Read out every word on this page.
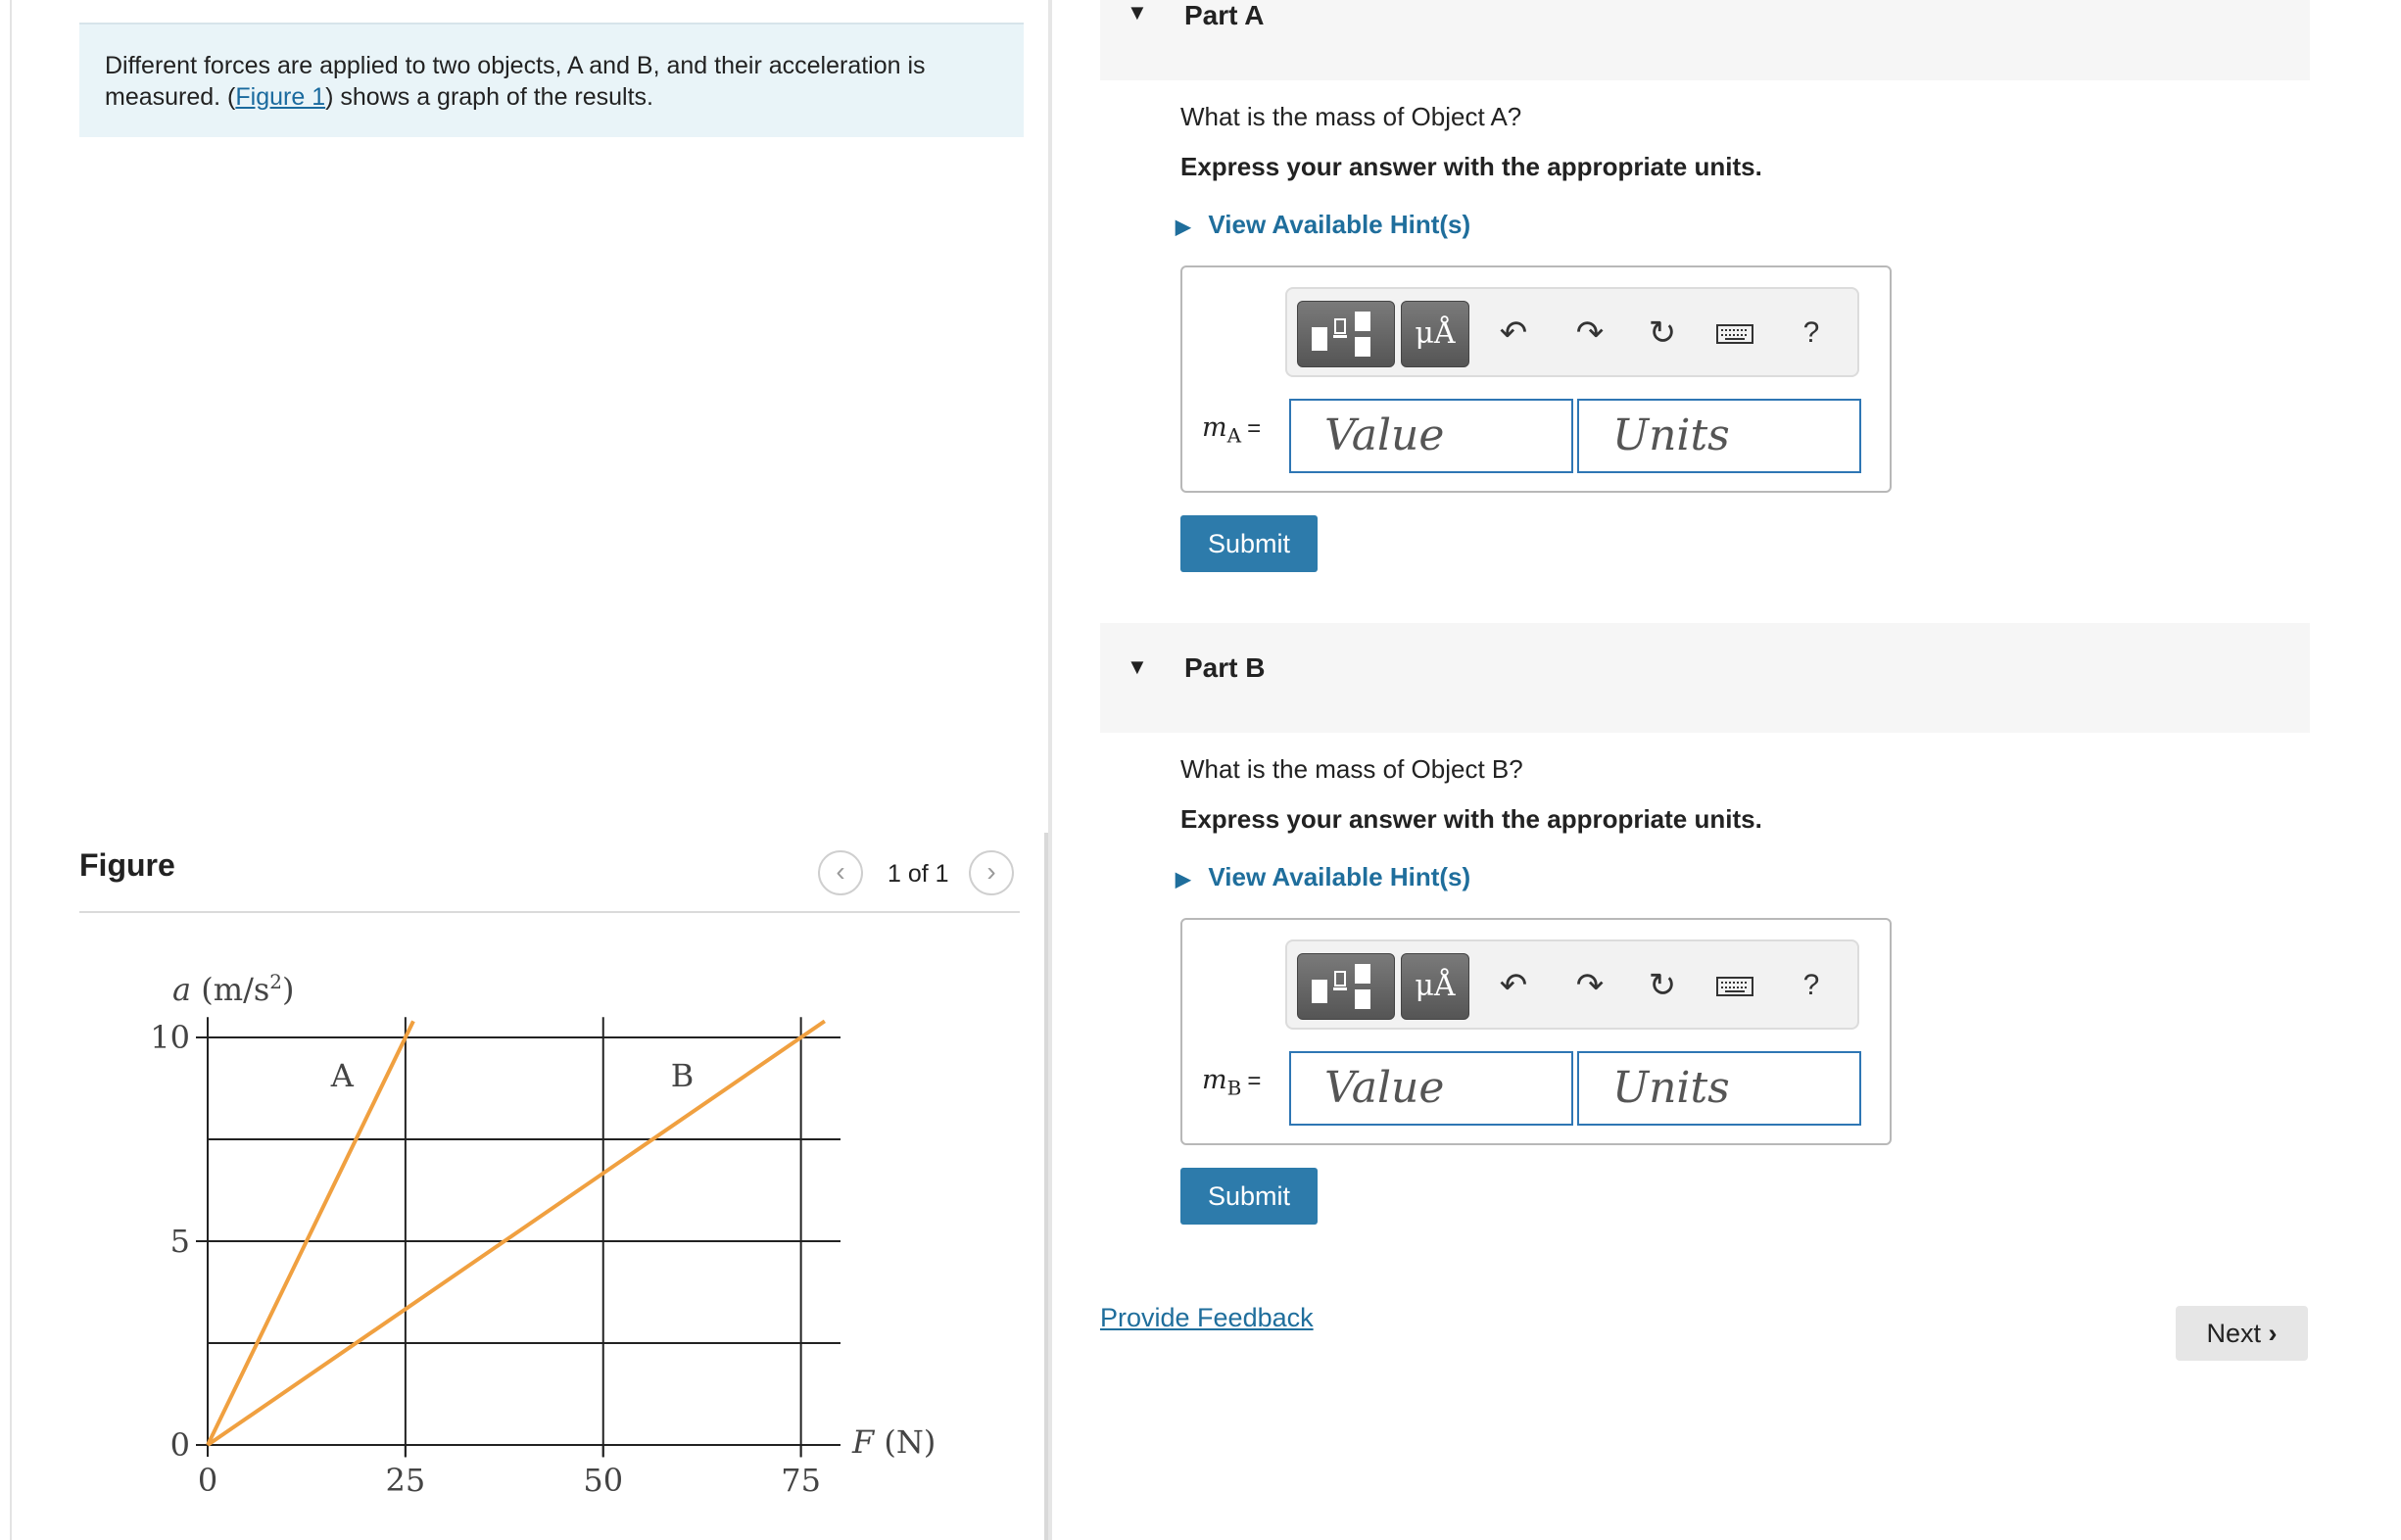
Different forces are applied to two objects, A and B, and their acceleration is measured. (Figure 1) shows a graph of the results.
Figure	‹	1 of 1	›
0
5
10
0	25	50	75
a $(m/s^2)$
F (N)
A	B
▼ Part A
What is the mass of Object A?
Express your answer with the appropriate units.
▶ View Available Hint(s)
μÅ	↶	↷	↻	?
$m_A$ =	Value	Units
Submit
▼ Part B
What is the mass of Object B?
Express your answer with the appropriate units.
▶ View Available Hint(s)
μÅ	↶	↷	↻	?
$m_B$ =	Value	Units
Submit
Provide Feedback
Next ›
